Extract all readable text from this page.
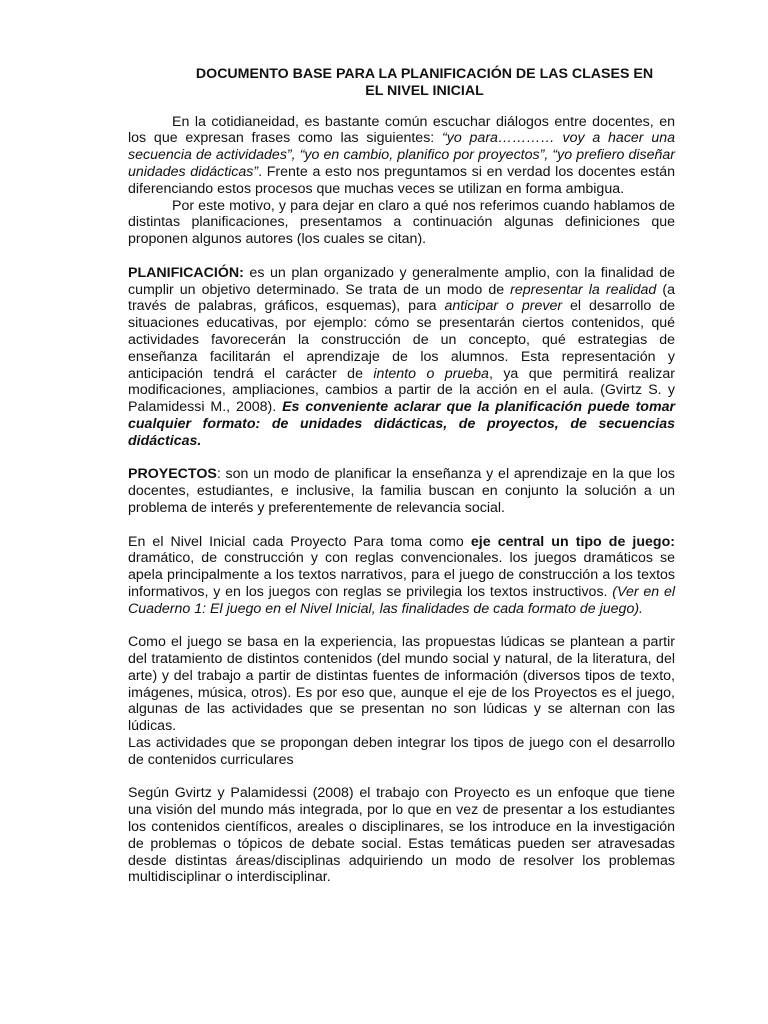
DOCUMENTO BASE PARA LA PLANIFICACIÓN DE LAS CLASES EN
EL NIVEL INICIAL

En la cotidianeidad, es bastante común escuchar diálogos entre docentes, en los que expresan frases como las siguientes: “yo para………… voy a hacer una secuencia de actividades”, “yo en cambio, planifico por proyectos”, “yo prefiero diseñar unidades didácticas”. Frente a esto nos preguntamos si en verdad los docentes están diferenciando estos procesos que muchas veces se utilizan en forma ambigua.

Por este motivo, y para dejar en claro a qué nos referimos cuando hablamos de distintas planificaciones, presentamos a continuación algunas definiciones que proponen algunos autores (los cuales se citan).

PLANIFICACIÓN: es un plan organizado y generalmente amplio, con la finalidad de cumplir un objetivo determinado. Se trata de un modo de representar la realidad (a través de palabras, gráficos, esquemas), para anticipar o prever el desarrollo de situaciones educativas, por ejemplo: cómo se presentarán ciertos contenidos, qué actividades favorecerán la construcción de un concepto, qué estrategias de enseñanza facilitarán el aprendizaje de los alumnos. Esta representación y anticipación tendrá el carácter de intento o prueba, ya que permitirá realizar modificaciones, ampliaciones, cambios a partir de la acción en el aula. (Gvirtz S. y Palamidessi M., 2008). Es conveniente aclarar que la planificación puede tomar cualquier formato: de unidades didácticas, de proyectos, de secuencias didácticas.

PROYECTOS: son un modo de planificar la enseñanza y el aprendizaje en la que los docentes, estudiantes, e inclusive, la familia buscan en conjunto la solución a un problema de interés y preferentemente de relevancia social.

En el Nivel Inicial cada Proyecto Para toma como eje central un tipo de juego: dramático, de construcción y con reglas convencionales. los juegos dramáticos se apela principalmente a los textos narrativos, para el juego de construcción a los textos informativos, y en los juegos con reglas se privilegia los textos instructivos. (Ver en el Cuaderno 1: El juego en el Nivel Inicial, las finalidades de cada formato de juego).

Como el juego se basa en la experiencia, las propuestas lúdicas se plantean a partir del tratamiento de distintos contenidos (del mundo social y natural, de la literatura, del arte) y del trabajo a partir de distintas fuentes de información (diversos tipos de texto, imágenes, música, otros). Es por eso que, aunque el eje de los Proyectos es el juego, algunas de las actividades que se presentan no son lúdicas y se alternan con las lúdicas.

Las actividades que se propongan deben integrar los tipos de juego con el desarrollo de contenidos curriculares

Según Gvirtz y Palamidessi (2008) el trabajo con Proyecto es un enfoque que tiene una visión del mundo más integrada, por lo que en vez de presentar a los estudiantes los contenidos científicos, areales o disciplinares, se los introduce en la investigación de problemas o tópicos de debate social. Estas temáticas pueden ser atravesadas desde distintas áreas/disciplinas adquiriendo un modo de resolver los problemas multidisciplinar o interdisciplinar.
